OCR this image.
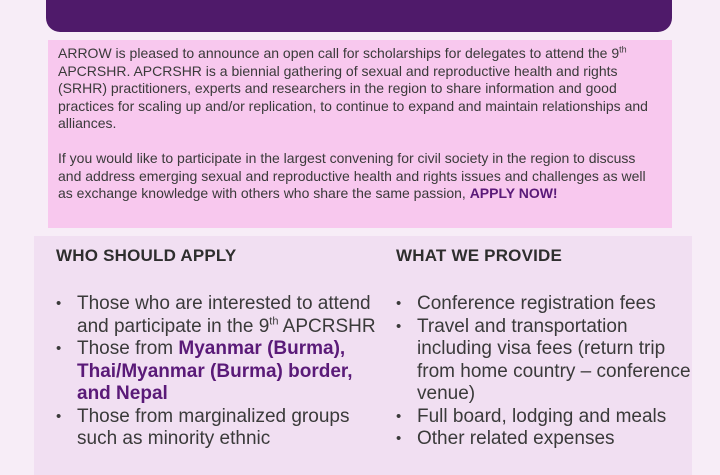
ARROW is pleased to announce an open call for scholarships for delegates to attend the 9th APCRSHR. APCRSHR is a biennial gathering of sexual and reproductive health and rights (SRHR) practitioners, experts and researchers in the region to share information and good practices for scaling up and/or replication, to continue to expand and maintain relationships and alliances.

If you would like to participate in the largest convening for civil society in the region to discuss and address emerging sexual and reproductive health and rights issues and challenges as well as exchange knowledge with others who share the same passion, APPLY NOW!

WHO SHOULD APPLY
• Those who are interested to attend and participate in the 9th APCRSHR
• Those from Myanmar (Burma), Thai/Myanmar (Burma) border, and Nepal
• Those from marginalized groups such as minority ethnic
WHAT WE PROVIDE
• Conference registration fees
• Travel and transportation including visa fees (return trip from home country – conference venue)
• Full board, lodging and meals
• Other related expenses
